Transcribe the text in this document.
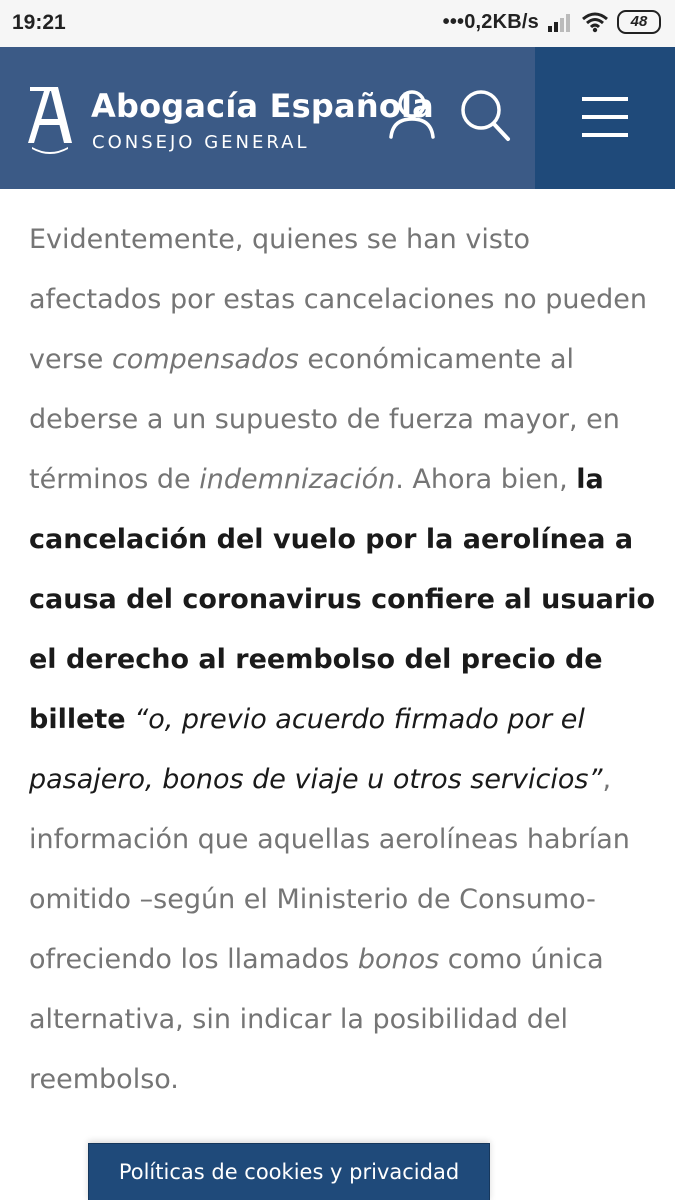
19:21	•••0,2KB/s	48
Abogacía Española
CONSEJO GENERAL

Evidentemente, quienes se han visto afectados por estas cancelaciones no pueden verse compensados económicamente al deberse a un supuesto de fuerza mayor, en términos de indemnización. Ahora bien, la cancelación del vuelo por la aerolínea a causa del coronavirus confiere al usuario el derecho al reembolso del precio de billete “o, previo acuerdo firmado por el pasajero, bonos de viaje u otros servicios”, información que aquellas aerolíneas habrían omitido –según el Ministerio de Consumo- ofreciendo los llamados bonos como única alternativa, sin indicar la posibilidad del reembolso.

Políticas de cookies y privacidad
